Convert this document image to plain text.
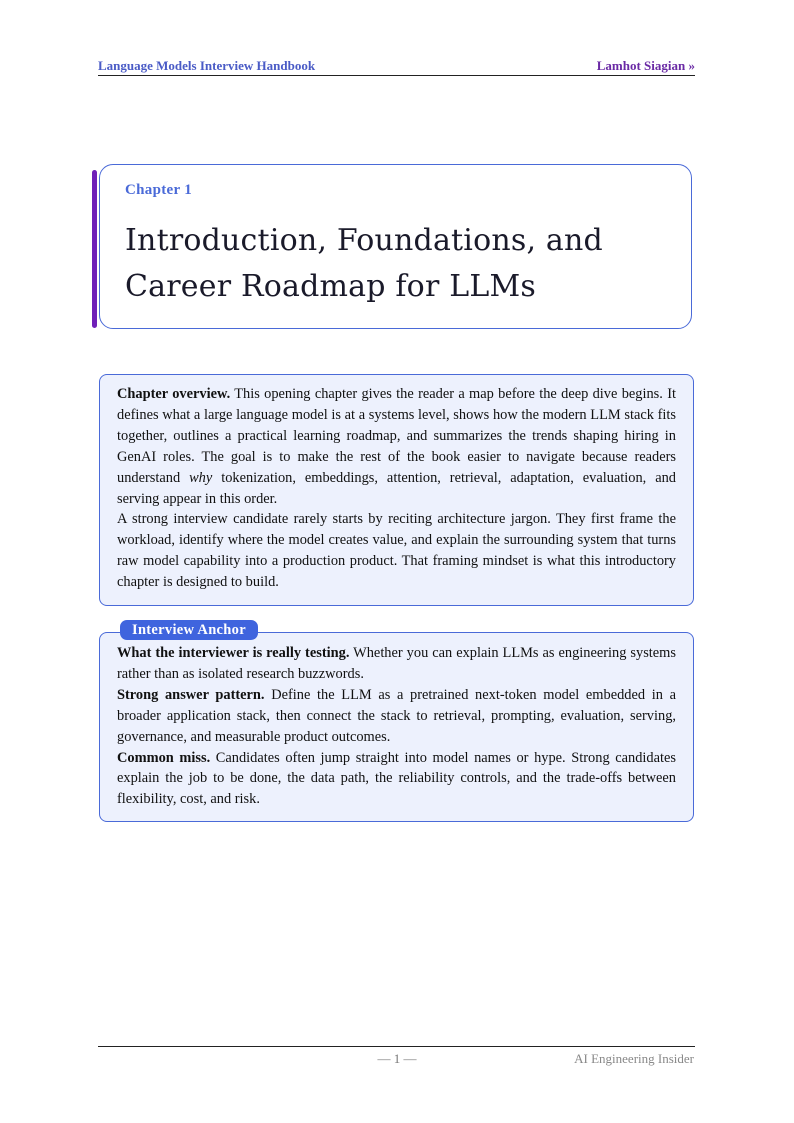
Language Models Interview Handbook	Lamhot Siagian »
Chapter 1
Introduction, Foundations, and
Career Roadmap for LLMs

Chapter overview. This opening chapter gives the reader a map before the deep dive begins. It defines what a large language model is at a systems level, shows how the modern LLM stack fits together, outlines a practical learning roadmap, and summarizes the trends shaping hiring in GenAI roles. The goal is to make the rest of the book easier to navigate because readers understand why tokenization, embeddings, attention, retrieval, adaptation, evaluation, and serving appear in this order.

A strong interview candidate rarely starts by reciting architecture jargon. They first frame the workload, identify where the model creates value, and explain the surrounding system that turns raw model capability into a production product. That framing mindset is what this introductory chapter is designed to build.

What the interviewer is really testing. Whether you can explain LLMs as engineering systems rather than as isolated research buzzwords.

Strong answer pattern. Define the LLM as a pretrained next-token model embedded in a broader application stack, then connect the stack to retrieval, prompting, evaluation, serving, governance, and measurable product outcomes.

Common miss. Candidates often jump straight into model names or hype. Strong candidates explain the job to be done, the data path, the reliability controls, and the trade-offs between flexibility, cost, and risk.

Interview Anchor
— 1 —	AI Engineering Insider
